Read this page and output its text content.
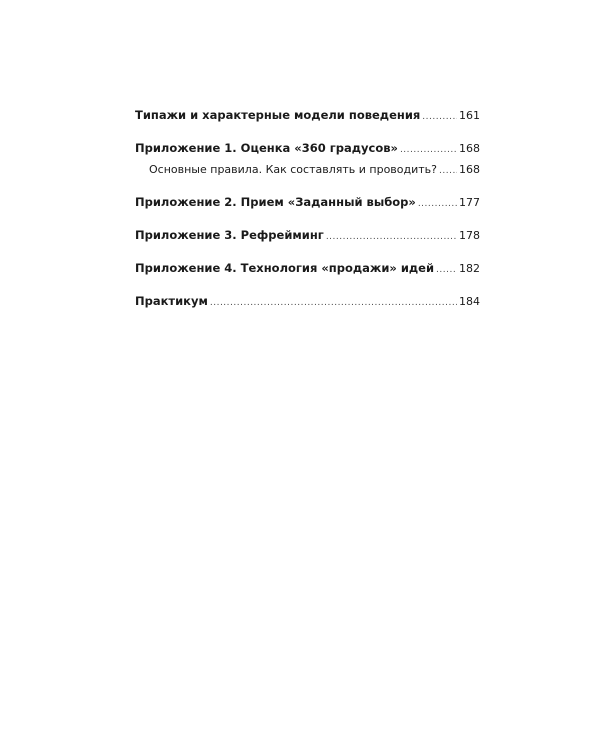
Типажи и характерные модели поведения .....	161
Приложение 1. Оценка «360 градусов» .....	168
Основные правила. Как составлять и проводить? ..... 168
Приложение 2. Прием «Заданный выбор» .....	177
Приложение 3. Рефрейминг .....	178
Приложение 4. Технология «продажи» идей ..... 182
Практикум .....	184
